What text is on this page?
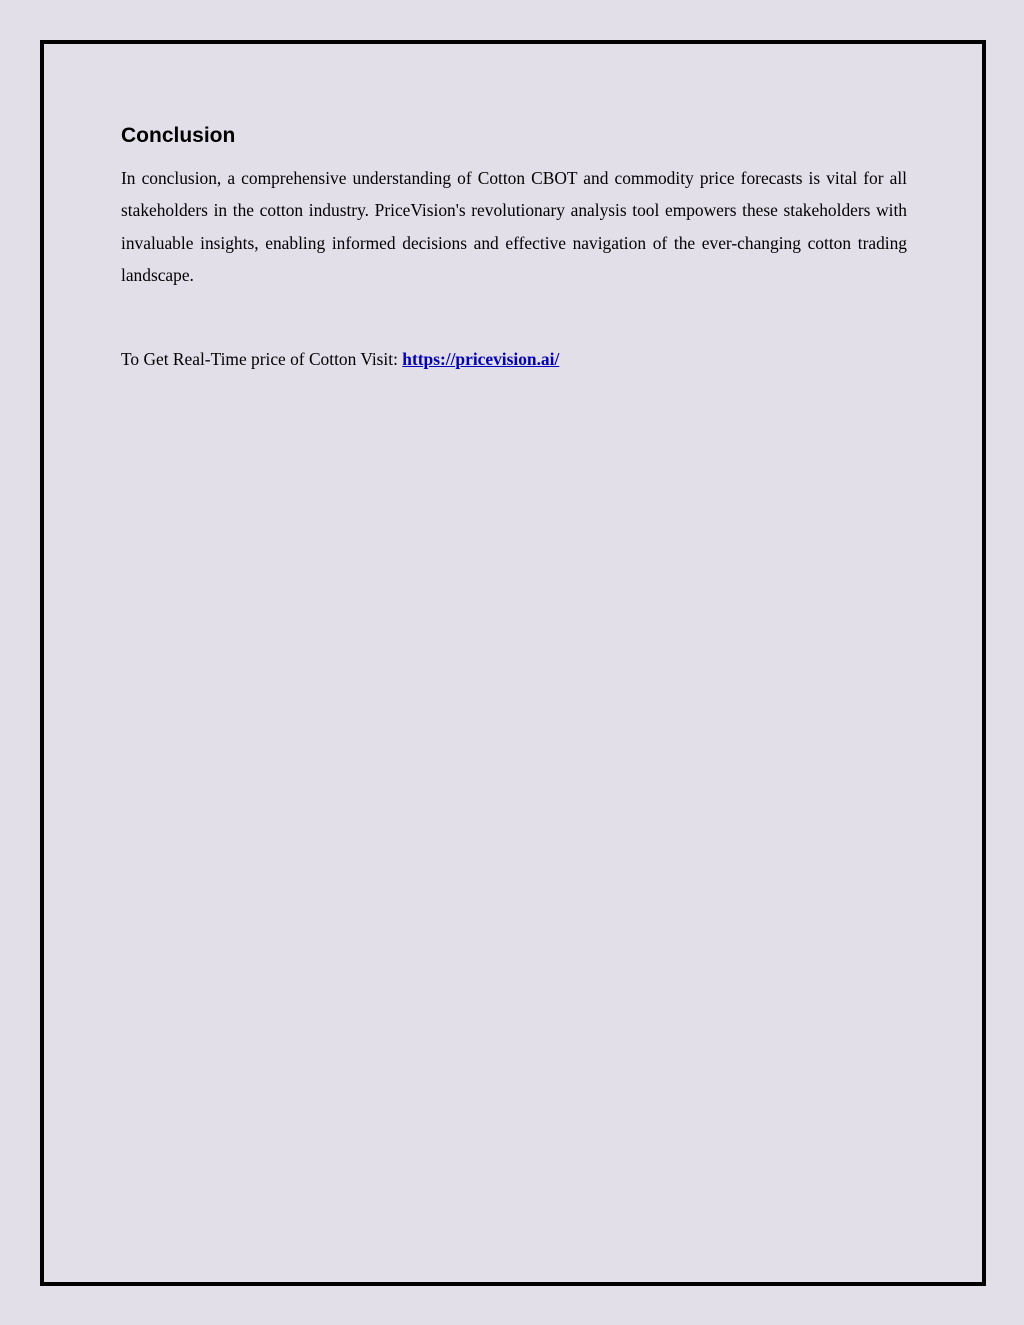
Conclusion

In conclusion, a comprehensive understanding of Cotton CBOT and commodity price forecasts is vital for all stakeholders in the cotton industry. PriceVision's revolutionary analysis tool empowers these stakeholders with invaluable insights, enabling informed decisions and effective navigation of the ever-changing cotton trading landscape.

To Get Real-Time price of Cotton Visit: https://pricevision.ai/
